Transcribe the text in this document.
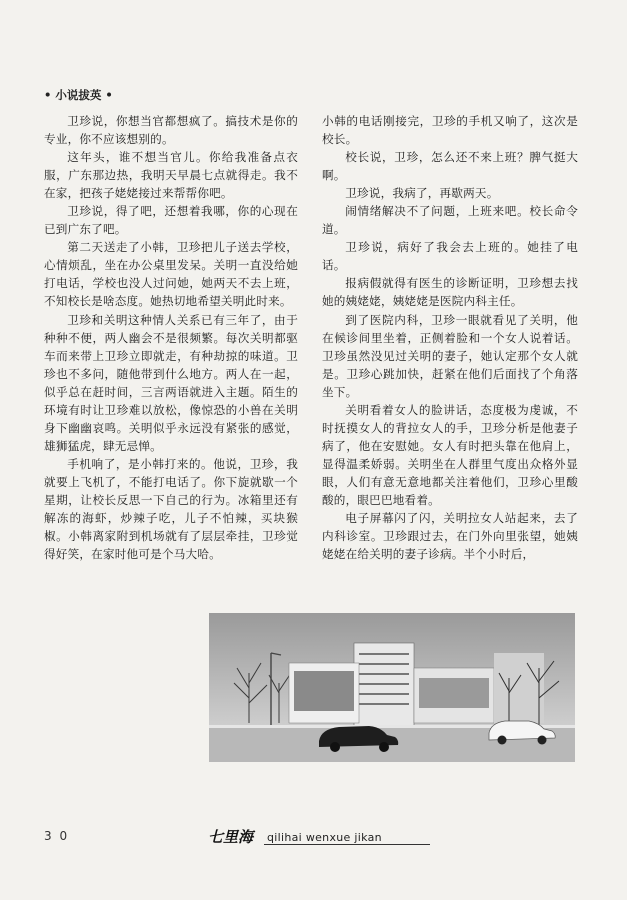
• 小说拔英 •

卫珍说，你想当官都想疯了。搞技术是你的专业，你不应该想别的。

这年头，谁不想当官儿。你给我准备点衣服，广东那边热，我明天早晨七点就得走。我不在家，把孩子姥姥接过来帮帮你吧。

卫珍说，得了吧，还想着我哪，你的心现在已到广东了吧。

第二天送走了小韩，卫珍把儿子送去学校，心情烦乱，坐在办公桌里发呆。关明一直没给她打电话，学校也没人过问她，她两天不去上班，不知校长是啥态度。她热切地希望关明此时来。

卫珍和关明这种情人关系已有三年了，由于种种不便，两人幽会不是很频繁。每次关明都驱车而来带上卫珍立即就走，有种劫掠的味道。卫珍也不多问，随他带到什么地方。两人在一起，似乎总在赶时间，三言两语就进入主题。陌生的环境有时让卫珍难以放松，像惊恐的小兽在关明身下幽幽哀鸣。关明似乎永远没有紧张的感觉，雄狮猛虎，肆无忌惮。

手机响了，是小韩打来的。他说，卫珍，我就要上飞机了，不能打电话了。你下旋就歇一个星期，让校长反思一下自己的行为。冰箱里还有解冻的海虾，炒辣子吃，儿子不怕辣，买块猴椒。小韩离家附到机场就有了层层牵挂，卫珍觉得好笑，在家时他可是个马大哈。

小韩的电话刚接完，卫珍的手机又响了，这次是校长。

校长说，卫珍，怎么还不来上班？脾气挺大啊。

卫珍说，我病了，再歇两天。

闹情绪解决不了问题，上班来吧。校长命令道。

卫珍说，病好了我会去上班的。她挂了电话。

报病假就得有医生的诊断证明，卫珍想去找她的姨姥姥，姨姥姥是医院内科主任。

到了医院内科，卫珍一眼就看见了关明，他在候诊间里坐着，正侧着脸和一个女人说着话。卫珍虽然没见过关明的妻子，她认定那个女人就是。卫珍心跳加快，赶紧在他们后面找了个角落坐下。

关明看着女人的脸讲话，态度极为虔诚，不时抚摸女人的背拉女人的手，卫珍分析是他妻子病了，他在安慰她。女人有时把头靠在他肩上，显得温柔娇弱。关明坐在人群里气度出众格外显眼，人们有意无意地都关注着他们，卫珍心里酸酸的，眼巴巴地看着。

电子屏幕闪了闪，关明拉女人站起来，去了内科诊室。卫珍跟过去，在门外向里张望，她姨姥姥在给关明的妻子诊病。半个小时后，

3 0	七里海 qilihai wenxue jikan
